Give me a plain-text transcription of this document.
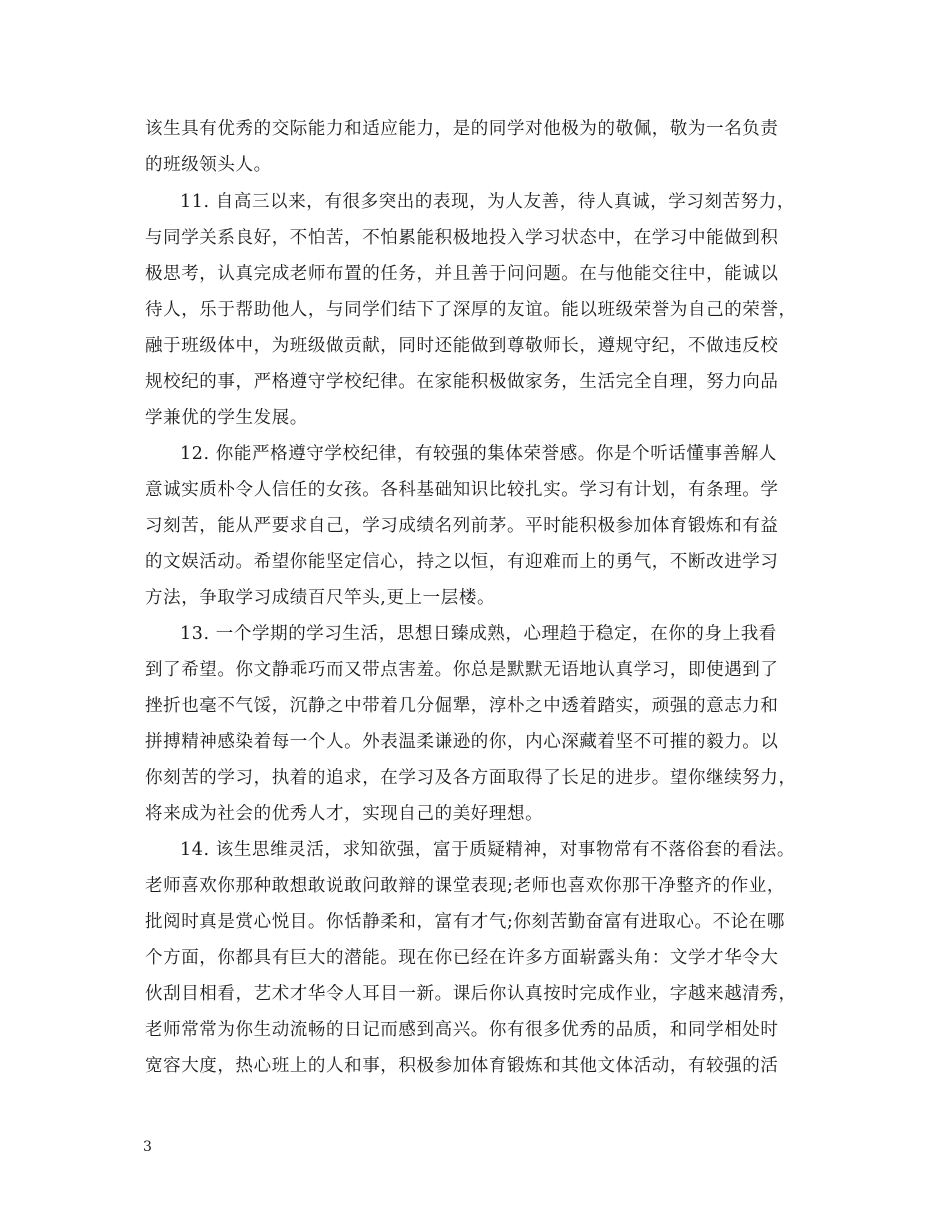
该生具有优秀的交际能力和适应能力，是的同学对他极为的敬佩，敬为一名负责
的班级领头人。
11. 自高三以来，有很多突出的表现，为人友善，待人真诚，学习刻苦努力，
与同学关系良好，不怕苦，不怕累能积极地投入学习状态中，在学习中能做到积
极思考，认真完成老师布置的任务，并且善于问问题。在与他能交往中，能诚以
待人，乐于帮助他人，与同学们结下了深厚的友谊。能以班级荣誉为自己的荣誉，
融于班级体中，为班级做贡献，同时还能做到尊敬师长，遵规守纪，不做违反校
规校纪的事，严格遵守学校纪律。在家能积极做家务，生活完全自理，努力向品
学兼优的学生发展。
12. 你能严格遵守学校纪律，有较强的集体荣誉感。你是个听话懂事善解人
意诚实质朴令人信任的女孩。各科基础知识比较扎实。学习有计划，有条理。学
习刻苦，能从严要求自己，学习成绩名列前茅。平时能积极参加体育锻炼和有益
的文娱活动。希望你能坚定信心，持之以恒，有迎难而上的勇气，不断改进学习
方法，争取学习成绩百尺竿头,更上一层楼。
13. 一个学期的学习生活，思想日臻成熟，心理趋于稳定，在你的身上我看
到了希望。你文静乖巧而又带点害羞。你总是默默无语地认真学习，即使遇到了
挫折也毫不气馁，沉静之中带着几分倔犟，淳朴之中透着踏实，顽强的意志力和
拼搏精神感染着每一个人。外表温柔谦逊的你，内心深藏着坚不可摧的毅力。以
你刻苦的学习，执着的追求，在学习及各方面取得了长足的进步。望你继续努力，
将来成为社会的优秀人才，实现自己的美好理想。
14. 该生思维灵活，求知欲强，富于质疑精神，对事物常有不落俗套的看法。
老师喜欢你那种敢想敢说敢问敢辩的课堂表现;老师也喜欢你那干净整齐的作业，
批阅时真是赏心悦目。你恬静柔和，富有才气;你刻苦勤奋富有进取心。不论在哪
个方面，你都具有巨大的潜能。现在你已经在许多方面崭露头角：文学才华令大
伙刮目相看，艺术才华令人耳目一新。课后你认真按时完成作业，字越来越清秀，
老师常常为你生动流畅的日记而感到高兴。你有很多优秀的品质，和同学相处时
宽容大度，热心班上的人和事，积极参加体育锻炼和其他文体活动，有较强的活
3
